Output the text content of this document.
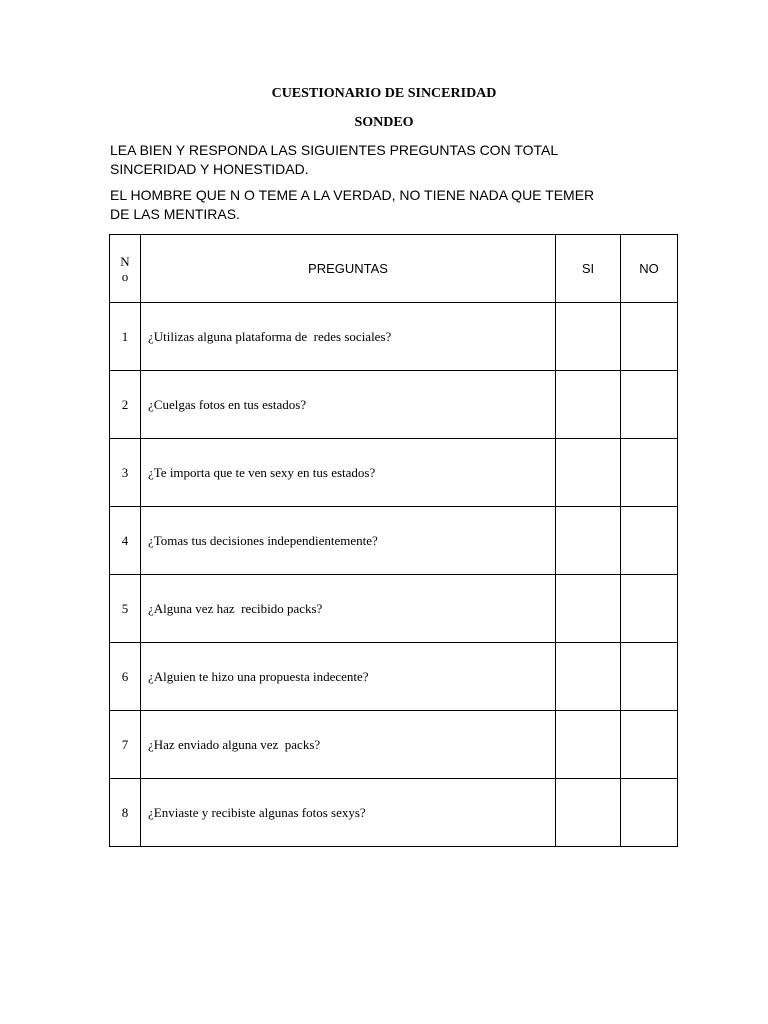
CUESTIONARIO DE SINCERIDAD
SONDEO

LEA BIEN Y RESPONDA LAS SIGUIENTES PREGUNTAS CON TOTAL
SINCERIDAD Y HONESTIDAD.

EL HOMBRE QUE N O TEME A LA VERDAD, NO TIENE NADA QUE TEMER
DE LAS MENTIRAS.

N
o	PREGUNTAS	SI	NO
1	¿Utilizas alguna plataforma de  redes sociales?		
2	¿Cuelgas fotos en tus estados?		
3	¿Te importa que te ven sexy en tus estados?		
4	¿Tomas tus decisiones independientemente?		
5	¿Alguna vez haz  recibido packs?		
6	¿Alguien te hizo una propuesta indecente?		
7	¿Haz enviado alguna vez  packs?		
8	¿Enviaste y recibiste algunas fotos sexys?		
